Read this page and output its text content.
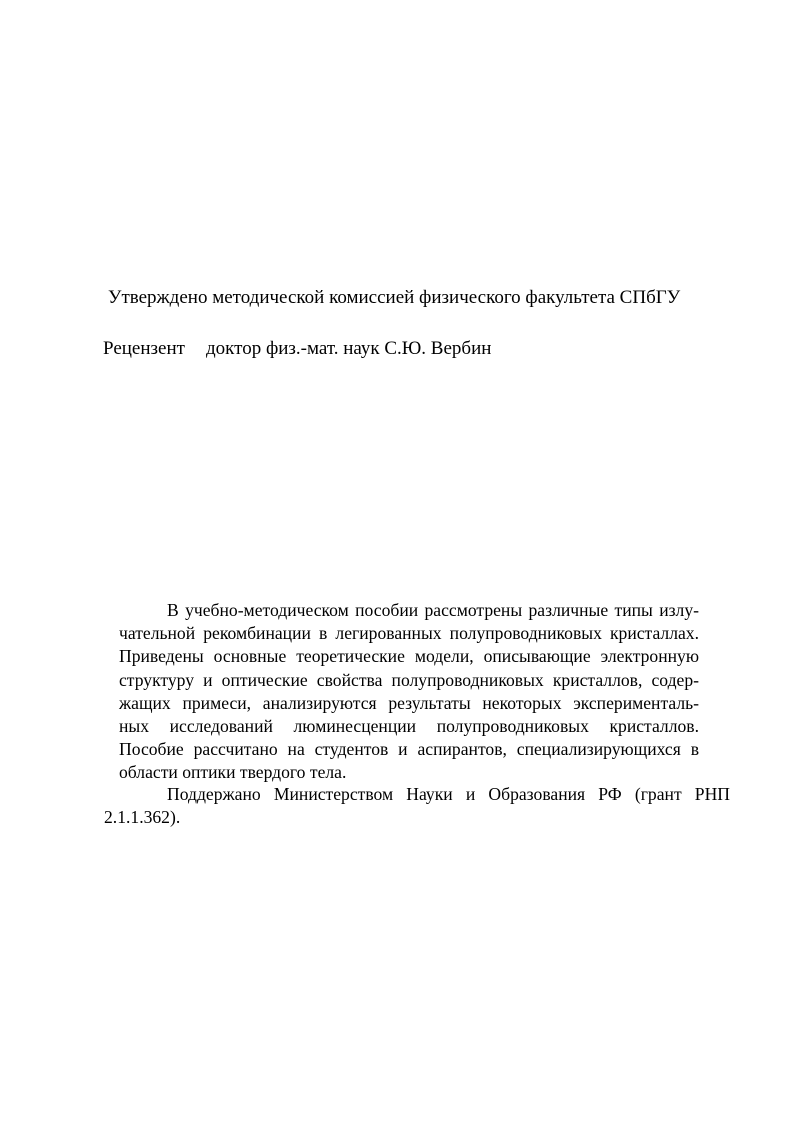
Утверждено методической комиссией физического факультета СПбГУ
Рецензент доктор физ.-мат. наук С.Ю. Вербин

В учебно-методическом пособии рассмотрены различные типы излу-
чательной рекомбинации в легированных полупроводниковых кристаллах.
Приведены основные теоретические модели, описывающие электронную
структуру и оптические свойства полупроводниковых кристаллов, содер-
жащих примеси, анализируются результаты некоторых эксперименталь-
ных исследований люминесценции полупроводниковых кристаллов.
Пособие рассчитано на студентов и аспирантов, специализирующихся в
области оптики твердого тела.

Поддержано Министерством Науки и Образования РФ (грант РНП
2.1.1.362).
